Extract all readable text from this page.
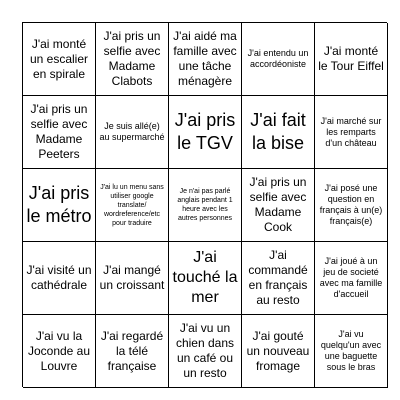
J'ai monté un escalier en spirale
J'ai pris un selfie avec Madame Clabots
J'ai aidé ma famille avec une tâche ménagère
J'ai entendu un accordéoniste
J'ai monté le Tour Eiffel
J'ai pris un selfie avec Madame Peeters
Je suis allé(e) au supermarché
J'ai pris le TGV
J'ai fait la bise
J'ai marché sur les remparts d'un château
J'ai pris le métro
J'ai lu un menu sans utiliser google translate/ wordreference/etc pour traduire
Je n'ai pas parlé anglais pendant 1 heure avec les autres personnes
J'ai pris un selfie avec Madame Cook
J'ai posé une question en français à un(e) français(e)
J'ai visité un cathédrale
J'ai mangé un croissant
J'ai touché la mer
J'ai commandé en français au resto
J'ai joué à un jeu de societé avec ma famille d'accueil
J'ai vu la Joconde au Louvre
J'ai regardé la télé française
J'ai vu un chien dans un café ou un resto
J'ai gouté un nouveau fromage
J'ai vu quelqu'un avec une baguette sous le bras
